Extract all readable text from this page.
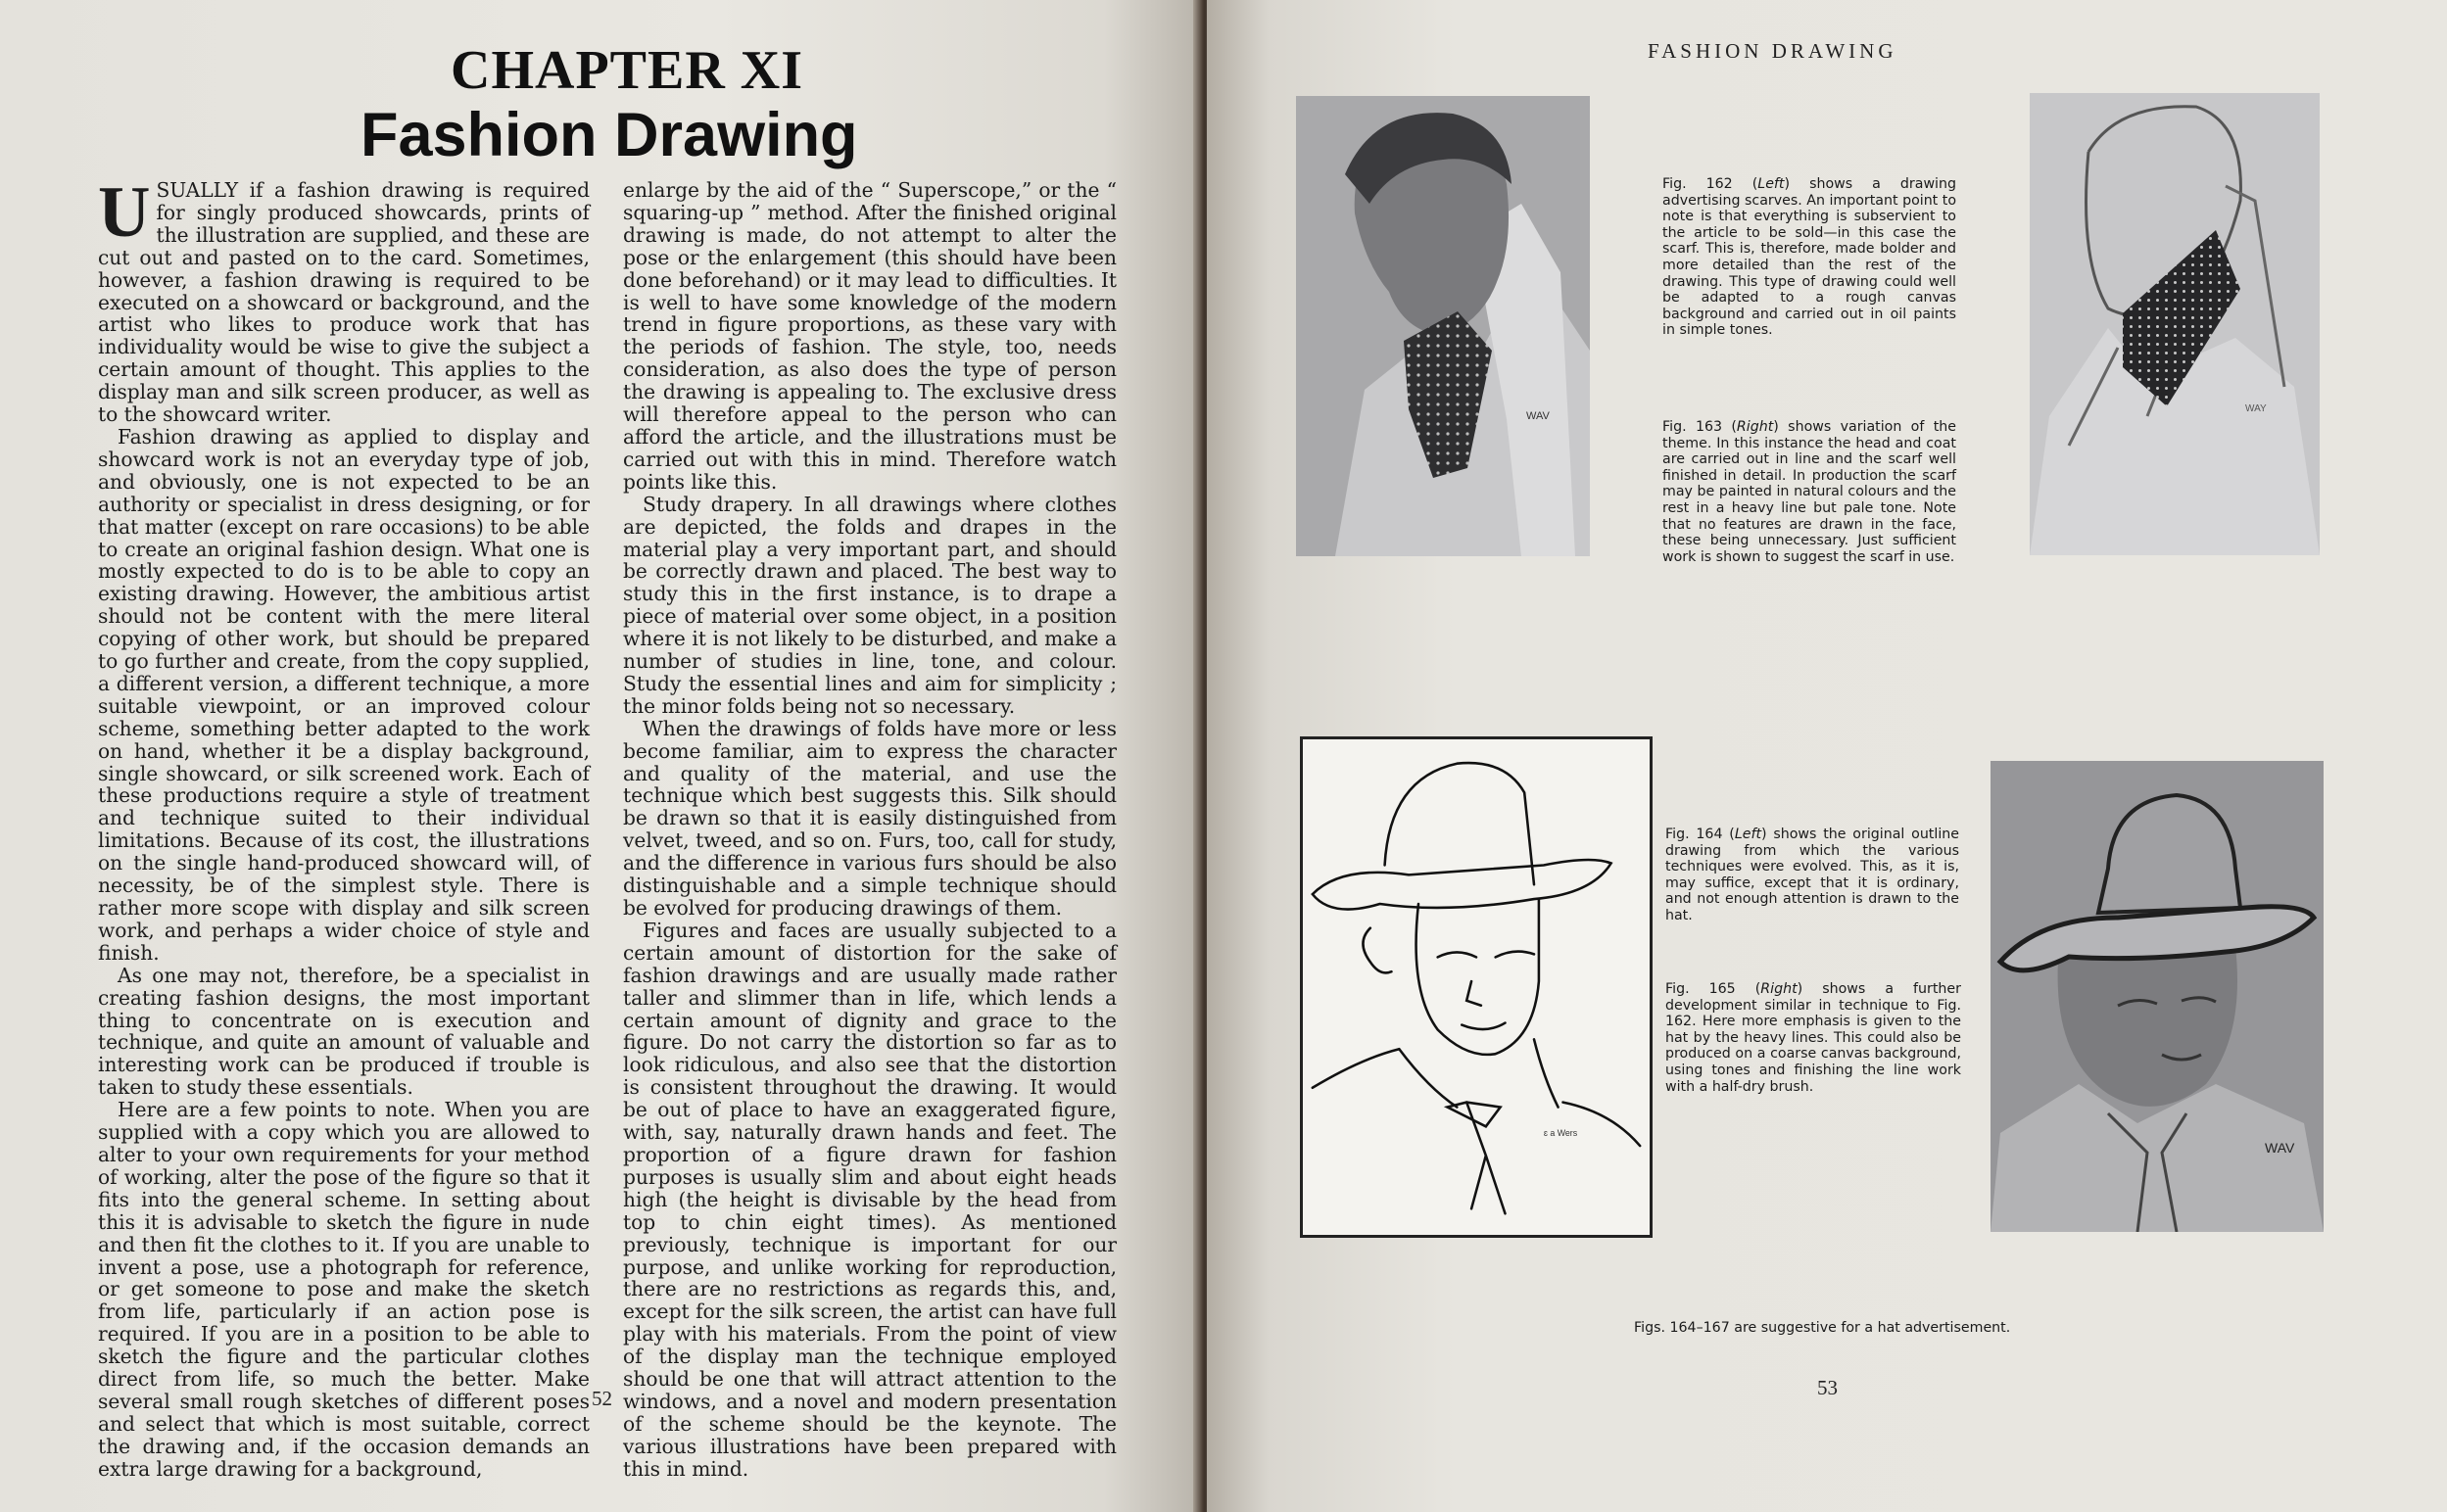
CHAPTER XI
Fashion Drawing

USUALLY if a fashion drawing is required for singly produced showcards, prints of the illustration are supplied, and these are cut out and pasted on to the card. Sometimes, however, a fashion drawing is required to be executed on a showcard or background, and the artist who likes to produce work that has individuality would be wise to give the subject a certain amount of thought. This applies to the display man and silk screen producer, as well as to the showcard writer.

Fashion drawing as applied to display and showcard work is not an everyday type of job, and obviously, one is not expected to be an authority or specialist in dress designing, or for that matter (except on rare occasions) to be able to create an original fashion design. What one is mostly expected to do is to be able to copy an existing drawing. However, the ambitious artist should not be content with the mere literal copying of other work, but should be prepared to go further and create, from the copy supplied, a different version, a different technique, a more suitable viewpoint, or an improved colour scheme, something better adapted to the work on hand, whether it be a display background, single showcard, or silk screened work. Each of these productions require a style of treatment and technique suited to their individual limitations. Because of its cost, the illustrations on the single hand-produced showcard will, of necessity, be of the simplest style. There is rather more scope with display and silk screen work, and perhaps a wider choice of style and finish.

As one may not, therefore, be a specialist in creating fashion designs, the most important thing to concentrate on is execution and technique, and quite an amount of valuable and interesting work can be produced if trouble is taken to study these essentials.

Here are a few points to note. When you are supplied with a copy which you are allowed to alter to your own requirements for your method of working, alter the pose of the figure so that it fits into the general scheme. In setting about this it is advisable to sketch the figure in nude and then fit the clothes to it. If you are unable to invent a pose, use a photograph for reference, or get someone to pose and make the sketch from life, particularly if an action pose is required. If you are in a position to be able to sketch the figure and the particular clothes direct from life, so much the better. Make several small rough sketches of different poses and select that which is most suitable, correct the drawing and, if the occasion demands an extra large drawing for a background,

enlarge by the aid of the “ Superscope,” or the “ squaring-up ” method. After the finished original drawing is made, do not attempt to alter the pose or the enlargement (this should have been done beforehand) or it may lead to difficulties. It is well to have some knowledge of the modern trend in figure proportions, as these vary with the periods of fashion. The style, too, needs consideration, as also does the type of person the drawing is appealing to. The exclusive dress will therefore appeal to the person who can afford the article, and the illustrations must be carried out with this in mind. Therefore watch points like this.

Study drapery. In all drawings where clothes are depicted, the folds and drapes in the material play a very important part, and should be correctly drawn and placed. The best way to study this in the first instance, is to drape a piece of material over some object, in a position where it is not likely to be disturbed, and make a number of studies in line, tone, and colour. Study the essential lines and aim for simplicity ; the minor folds being not so necessary.

When the drawings of folds have more or less become familiar, aim to express the character and quality of the material, and use the technique which best suggests this. Silk should be drawn so that it is easily distinguished from velvet, tweed, and so on. Furs, too, call for study, and the difference in various furs should be also distinguishable and a simple technique should be evolved for producing drawings of them.

Figures and faces are usually subjected to a certain amount of distortion for the sake of fashion drawings and are usually made rather taller and slimmer than in life, which lends a certain amount of dignity and grace to the figure. Do not carry the distortion so far as to look ridiculous, and also see that the distortion is consistent throughout the drawing. It would be out of place to have an exaggerated figure, with, say, naturally drawn hands and feet. The proportion of a figure drawn for fashion purposes is usually slim and about eight heads high (the height is divisable by the head from top to chin eight times). As mentioned previously, technique is important for our purpose, and unlike working for reproduction, there are no restrictions as regards this, and, except for the silk screen, the artist can have full play with his materials. From the point of view of the display man the technique employed should be one that will attract attention to the windows, and a novel and modern presentation of the scheme should be the keynote. The various illustrations have been prepared with this in mind.

52
FASHION DRAWING
WAV
Fig. 162 (Left) shows a drawing advertising scarves. An important point to note is that everything is subservient to the article to be sold—in this case the scarf. This is, therefore, made bolder and more detailed than the rest of the drawing. This type of drawing could well be adapted to a rough canvas background and carried out in oil paints in simple tones.
WAY
Fig. 163 (Right) shows variation of the theme. In this instance the head and coat are carried out in line and the scarf well finished in detail. In production the scarf may be painted in natural colours and the rest in a heavy line but pale tone. Note that no features are drawn in the face, these being unnecessary. Just sufficient work is shown to suggest the scarf in use.
ɛ a Wers
Fig. 164 (Left) shows the original outline drawing from which the various techniques were evolved. This, as it is, may suffice, except that it is ordinary, and not enough attention is drawn to the hat.
Fig. 165 (Right) shows a further development similar in technique to Fig. 162. Here more emphasis is given to the hat by the heavy lines. This could also be produced on a coarse canvas background, using tones and finishing the line work with a half-dry brush.
WAV
Figs. 164–167 are suggestive for a hat advertisement.
53
